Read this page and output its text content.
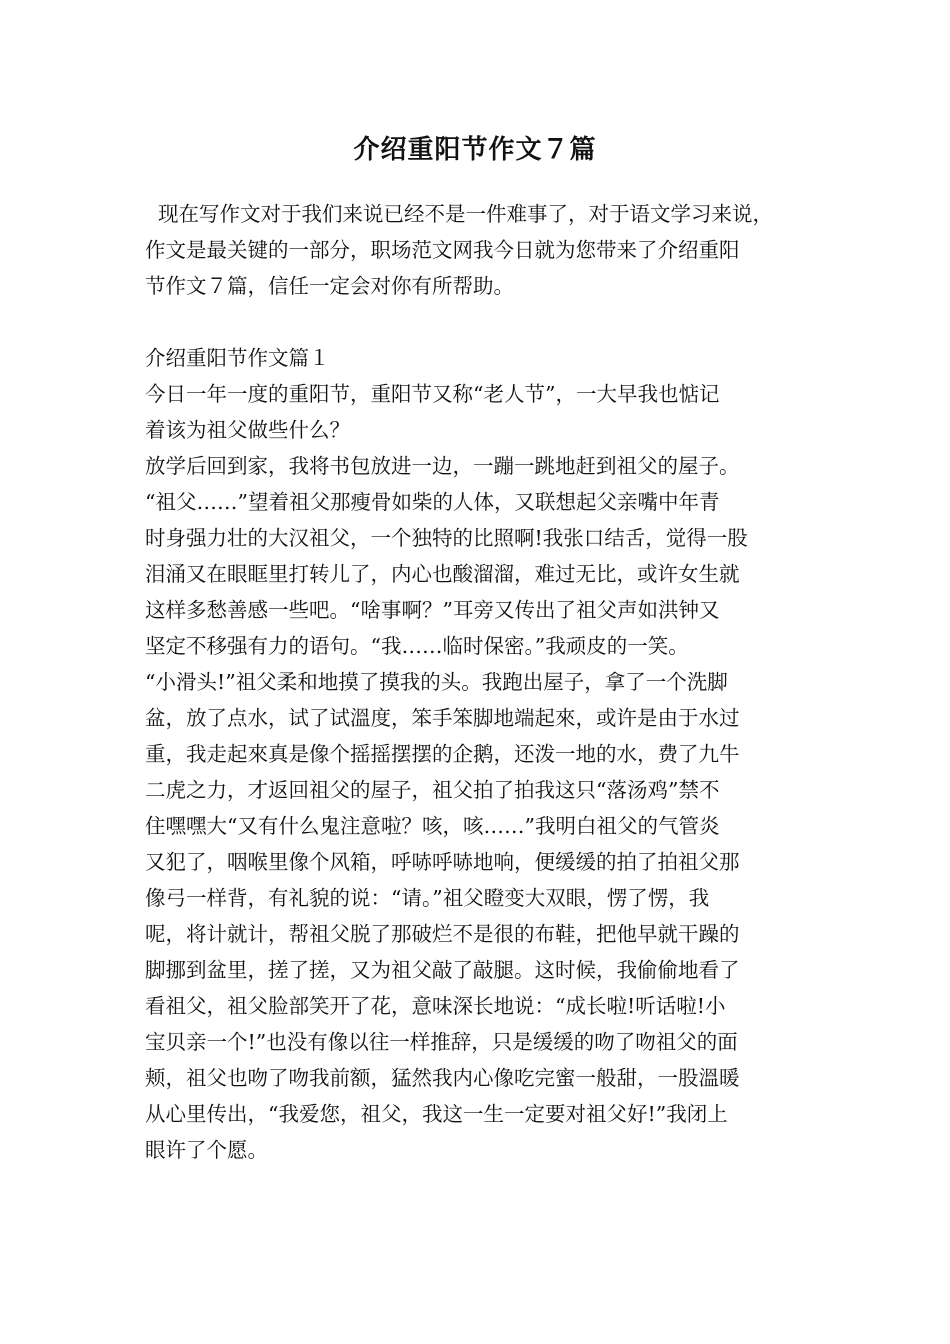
介绍重阳节作文７篇
现在写作文对于我们来说已经不是一件难事了，对于语文学习来说，
作文是最关键的一部分，职场范文网我今日就为您带来了介绍重阳
节作文７篇，信任一定会对你有所帮助。
介绍重阳节作文篇１
今日一年一度的重阳节，重阳节又称“老人节”，一大早我也惦记
着该为祖父做些什么？
放学后回到家，我将书包放进一边，一蹦一跳地赶到祖父的屋子。
“祖父……”望着祖父那瘦骨如柴的人体，又联想起父亲嘴中年青
时身强力壮的大汉祖父，一个独特的比照啊!我张口结舌，觉得一股
泪涌又在眼眶里打转儿了，内心也酸溜溜，难过无比，或许女生就
这样多愁善感一些吧。“啥事啊？”耳旁又传出了祖父声如洪钟又
坚定不移强有力的语句。“我……临时保密。”我顽皮的一笑。
“小滑头!”祖父柔和地摸了摸我的头。我跑出屋子，拿了一个洗脚
盆，放了点水，试了试溫度，笨手笨脚地端起來，或许是由于水过
重，我走起來真是像个摇摇摆摆的企鹅，还泼一地的水，费了九牛
二虎之力，才返回祖父的屋子，祖父拍了拍我这只“落汤鸡”禁不
住嘿嘿大“又有什么鬼注意啦？咳，咳……”我明白祖父的气管炎
又犯了，咽喉里像个风箱，呼哧呼哧地响，便缓缓的拍了拍祖父那
像弓一样背，有礼貌的说：“请。”祖父瞪变大双眼，愣了愣，我
呢，将计就计，帮祖父脱了那破烂不是很的布鞋，把他早就干躁的
脚挪到盆里，搓了搓，又为祖父敲了敲腿。这时候，我偷偷地看了
看祖父，祖父脸部笑开了花，意味深长地说：“成长啦!听话啦!小
宝贝亲一个!”也没有像以往一样推辞，只是缓缓的吻了吻祖父的面
颊，祖父也吻了吻我前额，猛然我内心像吃完蜜一般甜，一股溫暖
从心里传出，“我爱您，祖父，我这一生一定要对祖父好!”我闭上
眼许了个愿。
